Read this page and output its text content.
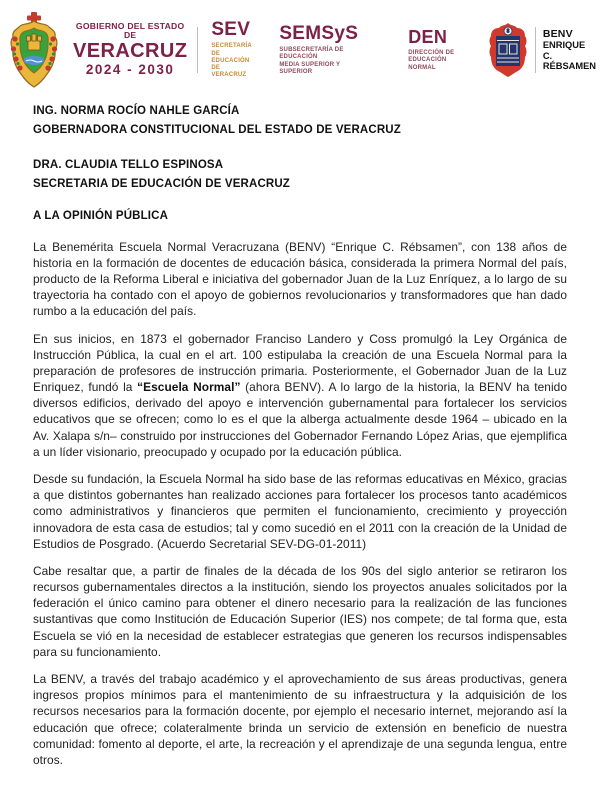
GOBIERNO DEL ESTADO DE
VERACRUZ
2024 - 2030
SEV
SECRETARÍA
DE EDUCACIÓN
DE VERACRUZ
SEMSyS
SUBSECRETARÍA DE EDUCACIÓN
MEDIA SUPERIOR Y SUPERIOR
DEN
DIRECCIÓN DE
EDUCACIÓN NORMAL
BENV
ENRIQUE C.
RÉBSAMEN
ING. NORMA ROCÍO NAHLE GARCÍA
GOBERNADORA CONSTITUCIONAL DEL ESTADO DE VERACRUZ
DRA. CLAUDIA TELLO ESPINOSA
SECRETARIA DE EDUCACIÓN DE VERACRUZ
A LA OPINIÓN PÚBLICA

La Benemérita Escuela Normal Veracruzana (BENV) “Enrique C. Rébsamen”, con 138 años de historia en la formación de docentes de educación básica, considerada la primera Normal del país, producto de la Reforma Liberal e iniciativa del gobernador Juan de la Luz Enríquez, a lo largo de su trayectoria ha contado con el apoyo de gobiernos revolucionarios y transformadores que han dado rumbo a la educación del país.

En sus inicios, en 1873 el gobernador Franciso Landero y Coss promulgó la Ley Orgánica de Instrucción Pública, la cual en el art. 100 estipulaba la creación de una Escuela Normal para la preparación de profesores de instrucción primaria. Posteriormente, el Gobernador Juan de la Luz Enriquez, fundó la “Escuela Normal” (ahora BENV). A lo largo de la historia, la BENV ha tenido diversos edificios, derivado del apoyo e intervención gubernamental para fortalecer los servicios educativos que se ofrecen; como lo es el que la alberga actualmente desde 1964 – ubicado en la Av. Xalapa s/n– construido por instrucciones del Gobernador Fernando López Arias, que ejemplifica a un líder visionario, preocupado y ocupado por la educación pública.

Desde su fundación, la Escuela Normal ha sido base de las reformas educativas en México, gracias a que distintos gobernantes han realizado acciones para fortalecer los procesos tanto académicos como administrativos y financieros que permiten el funcionamiento, crecimiento y proyección innovadora de esta casa de estudios; tal y como sucedió en el 2011 con la creación de la Unidad de Estudios de Posgrado. (Acuerdo Secretarial SEV-DG-01-2011)

Cabe resaltar que, a partir de finales de la década de los 90s del siglo anterior se retiraron los recursos gubernamentales directos a la institución, siendo los proyectos anuales solicitados por la federación el único camino para obtener el dinero necesario para la realización de las funciones sustantivas que como Institución de Educación Superior (IES) nos compete; de tal forma que, esta Escuela se vió en la necesidad de establecer estrategias que generen los recursos indispensables para su funcionamiento.

La BENV, a través del trabajo académico y el aprovechamiento de sus áreas productivas, genera ingresos propios mínimos para el mantenimiento de su infraestructura y la adquisición de los recursos necesarios para la formación docente, por ejemplo el necesario internet, mejorando así la educación que ofrece; colateralmente brinda un servicio de extensión en beneficio de nuestra comunidad: fomento al deporte, el arte, la recreación y el aprendizaje de una segunda lengua, entre otros.
